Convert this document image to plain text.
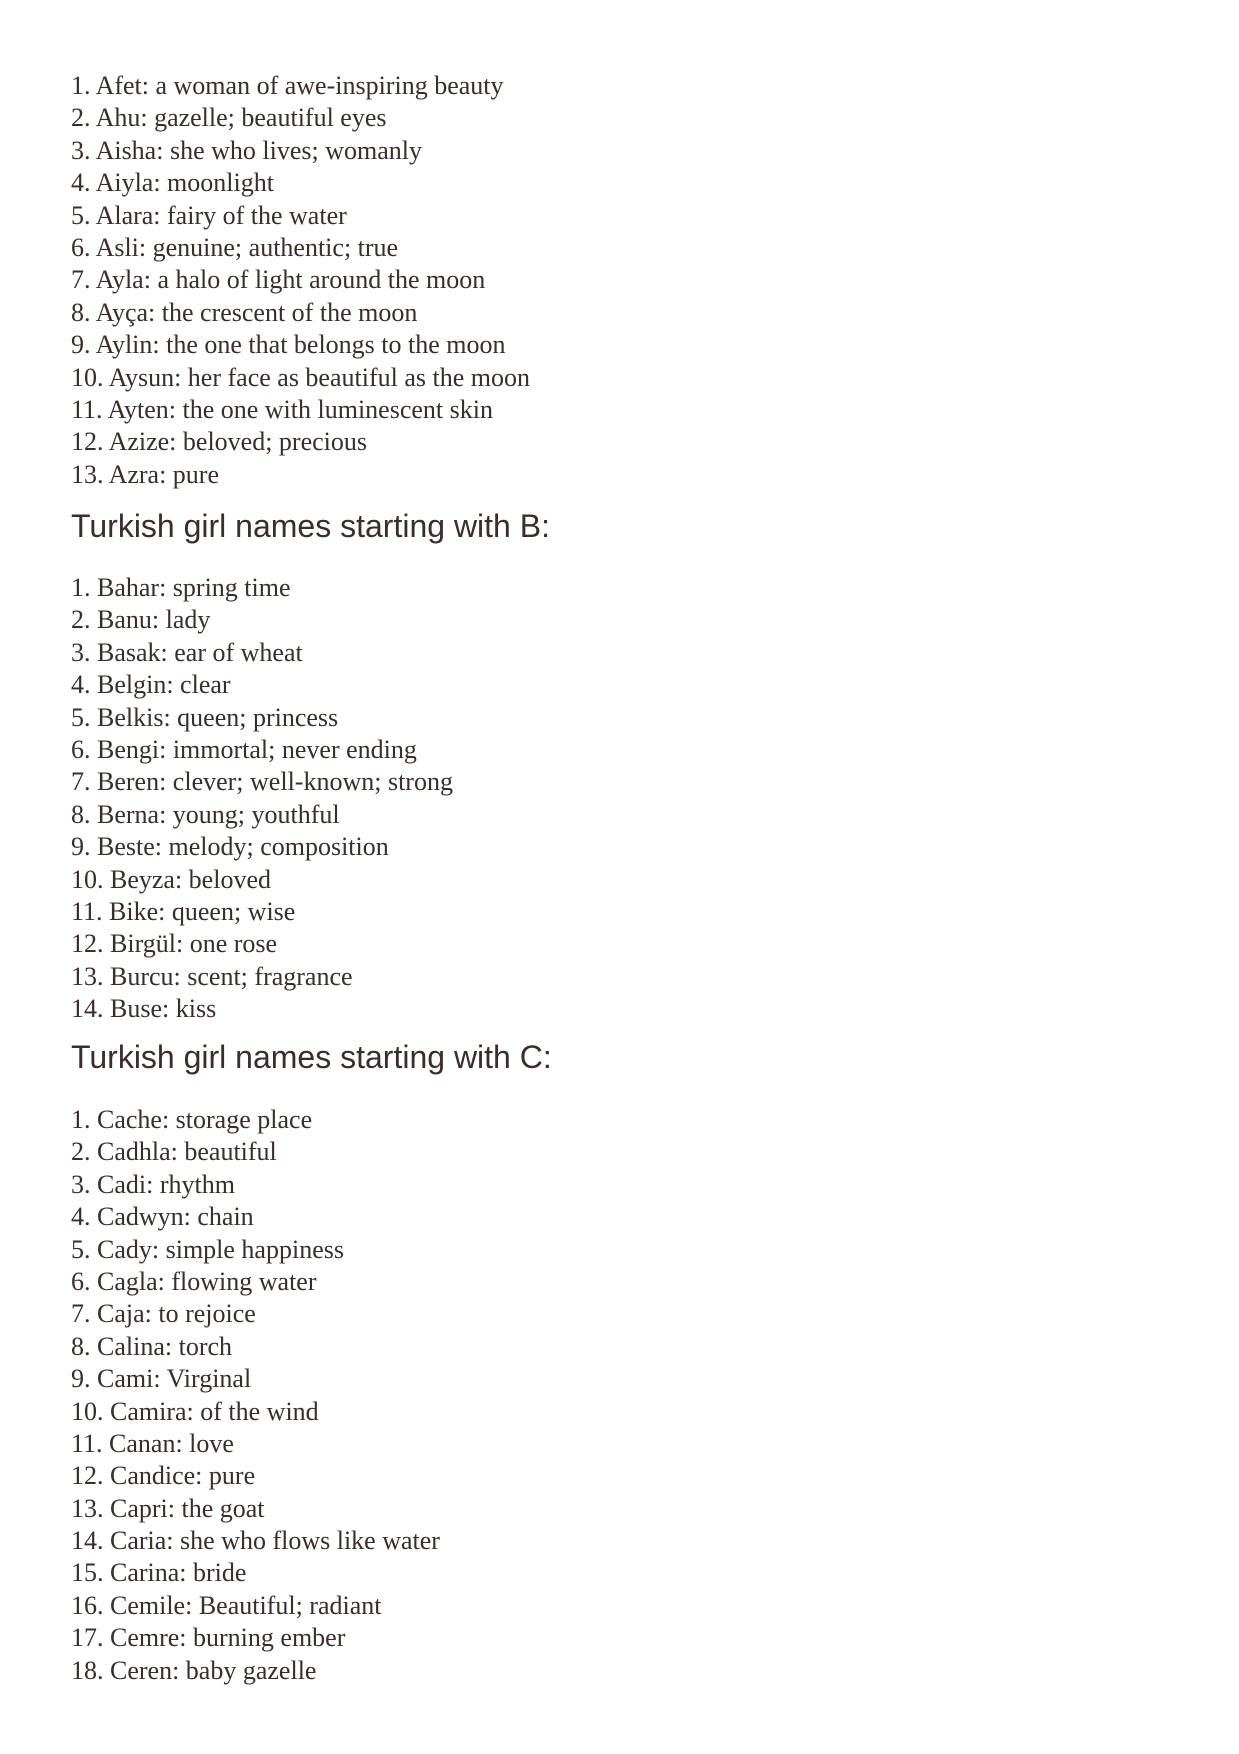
1. Afet: a woman of awe-inspiring beauty
2. Ahu: gazelle; beautiful eyes
3. Aisha: she who lives; womanly
4. Aiyla: moonlight
5. Alara: fairy of the water
6. Asli: genuine; authentic; true
7. Ayla: a halo of light around the moon
8. Ayça: the crescent of the moon
9. Aylin: the one that belongs to the moon
10. Aysun: her face as beautiful as the moon
11. Ayten: the one with luminescent skin
12. Azize: beloved; precious
13. Azra: pure
Turkish girl names starting with B:
1. Bahar: spring time
2. Banu: lady
3. Basak: ear of wheat
4. Belgin: clear
5. Belkis: queen; princess
6. Bengi: immortal; never ending
7. Beren: clever; well-known; strong
8. Berna: young; youthful
9. Beste: melody; composition
10. Beyza: beloved
11. Bike: queen; wise
12. Birgül: one rose
13. Burcu: scent; fragrance
14. Buse: kiss
Turkish girl names starting with C:
1. Cache: storage place
2. Cadhla: beautiful
3. Cadi: rhythm
4. Cadwyn: chain
5. Cady: simple happiness
6. Cagla: flowing water
7. Caja: to rejoice
8. Calina: torch
9. Cami: Virginal
10. Camira: of the wind
11. Canan: love
12. Candice: pure
13. Capri: the goat
14. Caria: she who flows like water
15. Carina: bride
16. Cemile: Beautiful; radiant
17. Cemre: burning ember
18. Ceren: baby gazelle
